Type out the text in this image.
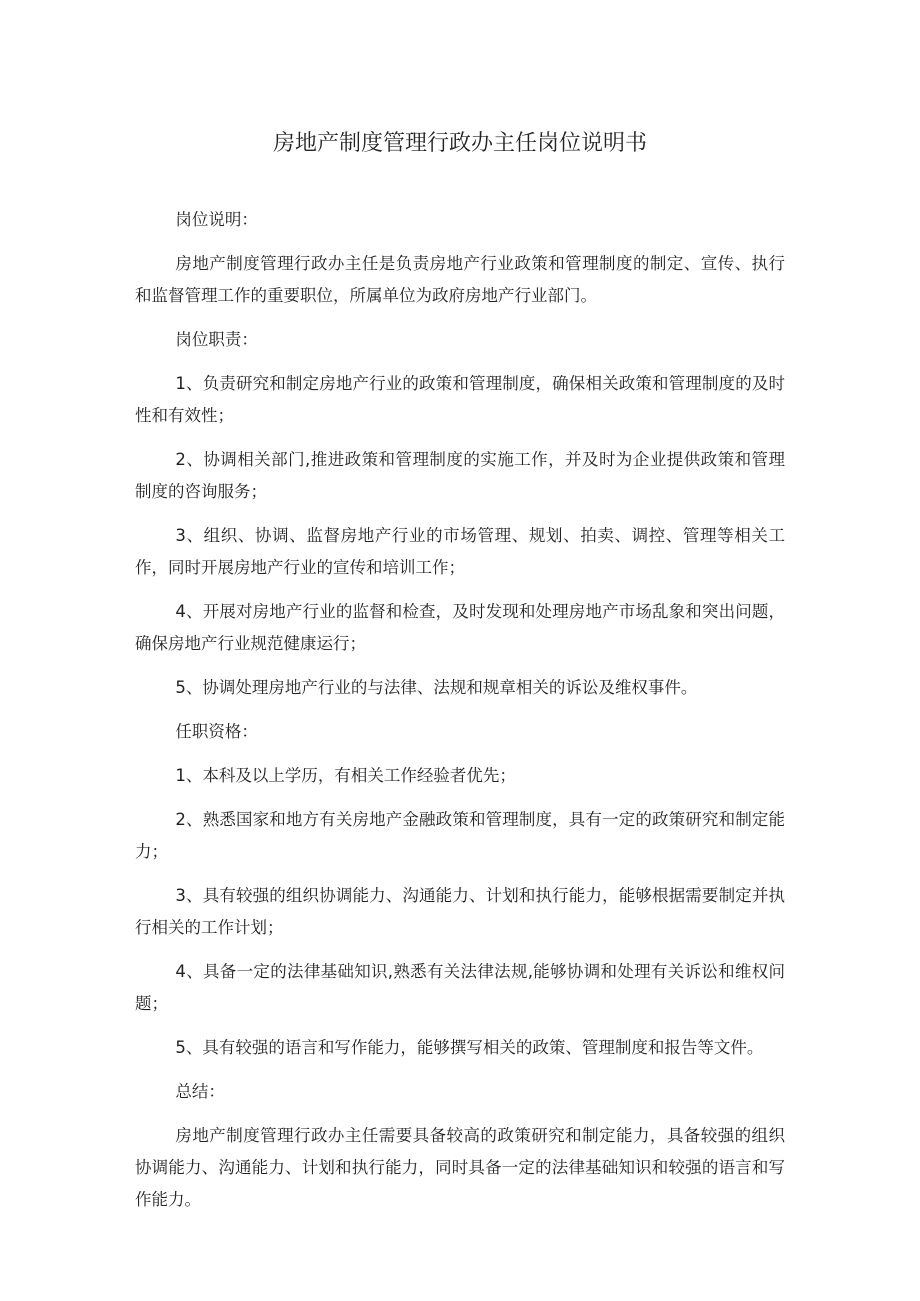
房地产制度管理行政办主任岗位说明书

岗位说明：

房地产制度管理行政办主任是负责房地产行业政策和管理制度的制定、宣传、执行和监督管理工作的重要职位，所属单位为政府房地产行业部门。

岗位职责：

1、负责研究和制定房地产行业的政策和管理制度，确保相关政策和管理制度的及时性和有效性；

2、协调相关部门,推进政策和管理制度的实施工作，并及时为企业提供政策和管理制度的咨询服务；

3、组织、协调、监督房地产行业的市场管理、规划、拍卖、调控、管理等相关工作，同时开展房地产行业的宣传和培训工作；

4、开展对房地产行业的监督和检查，及时发现和处理房地产市场乱象和突出问题，确保房地产行业规范健康运行；

5、协调处理房地产行业的与法律、法规和规章相关的诉讼及维权事件。

任职资格：

1、本科及以上学历，有相关工作经验者优先；

2、熟悉国家和地方有关房地产金融政策和管理制度，具有一定的政策研究和制定能力；

3、具有较强的组织协调能力、沟通能力、计划和执行能力，能够根据需要制定并执行相关的工作计划；

4、具备一定的法律基础知识,熟悉有关法律法规,能够协调和处理有关诉讼和维权问题；

5、具有较强的语言和写作能力，能够撰写相关的政策、管理制度和报告等文件。

总结：

房地产制度管理行政办主任需要具备较高的政策研究和制定能力，具备较强的组织协调能力、沟通能力、计划和执行能力，同时具备一定的法律基础知识和较强的语言和写作能力。
